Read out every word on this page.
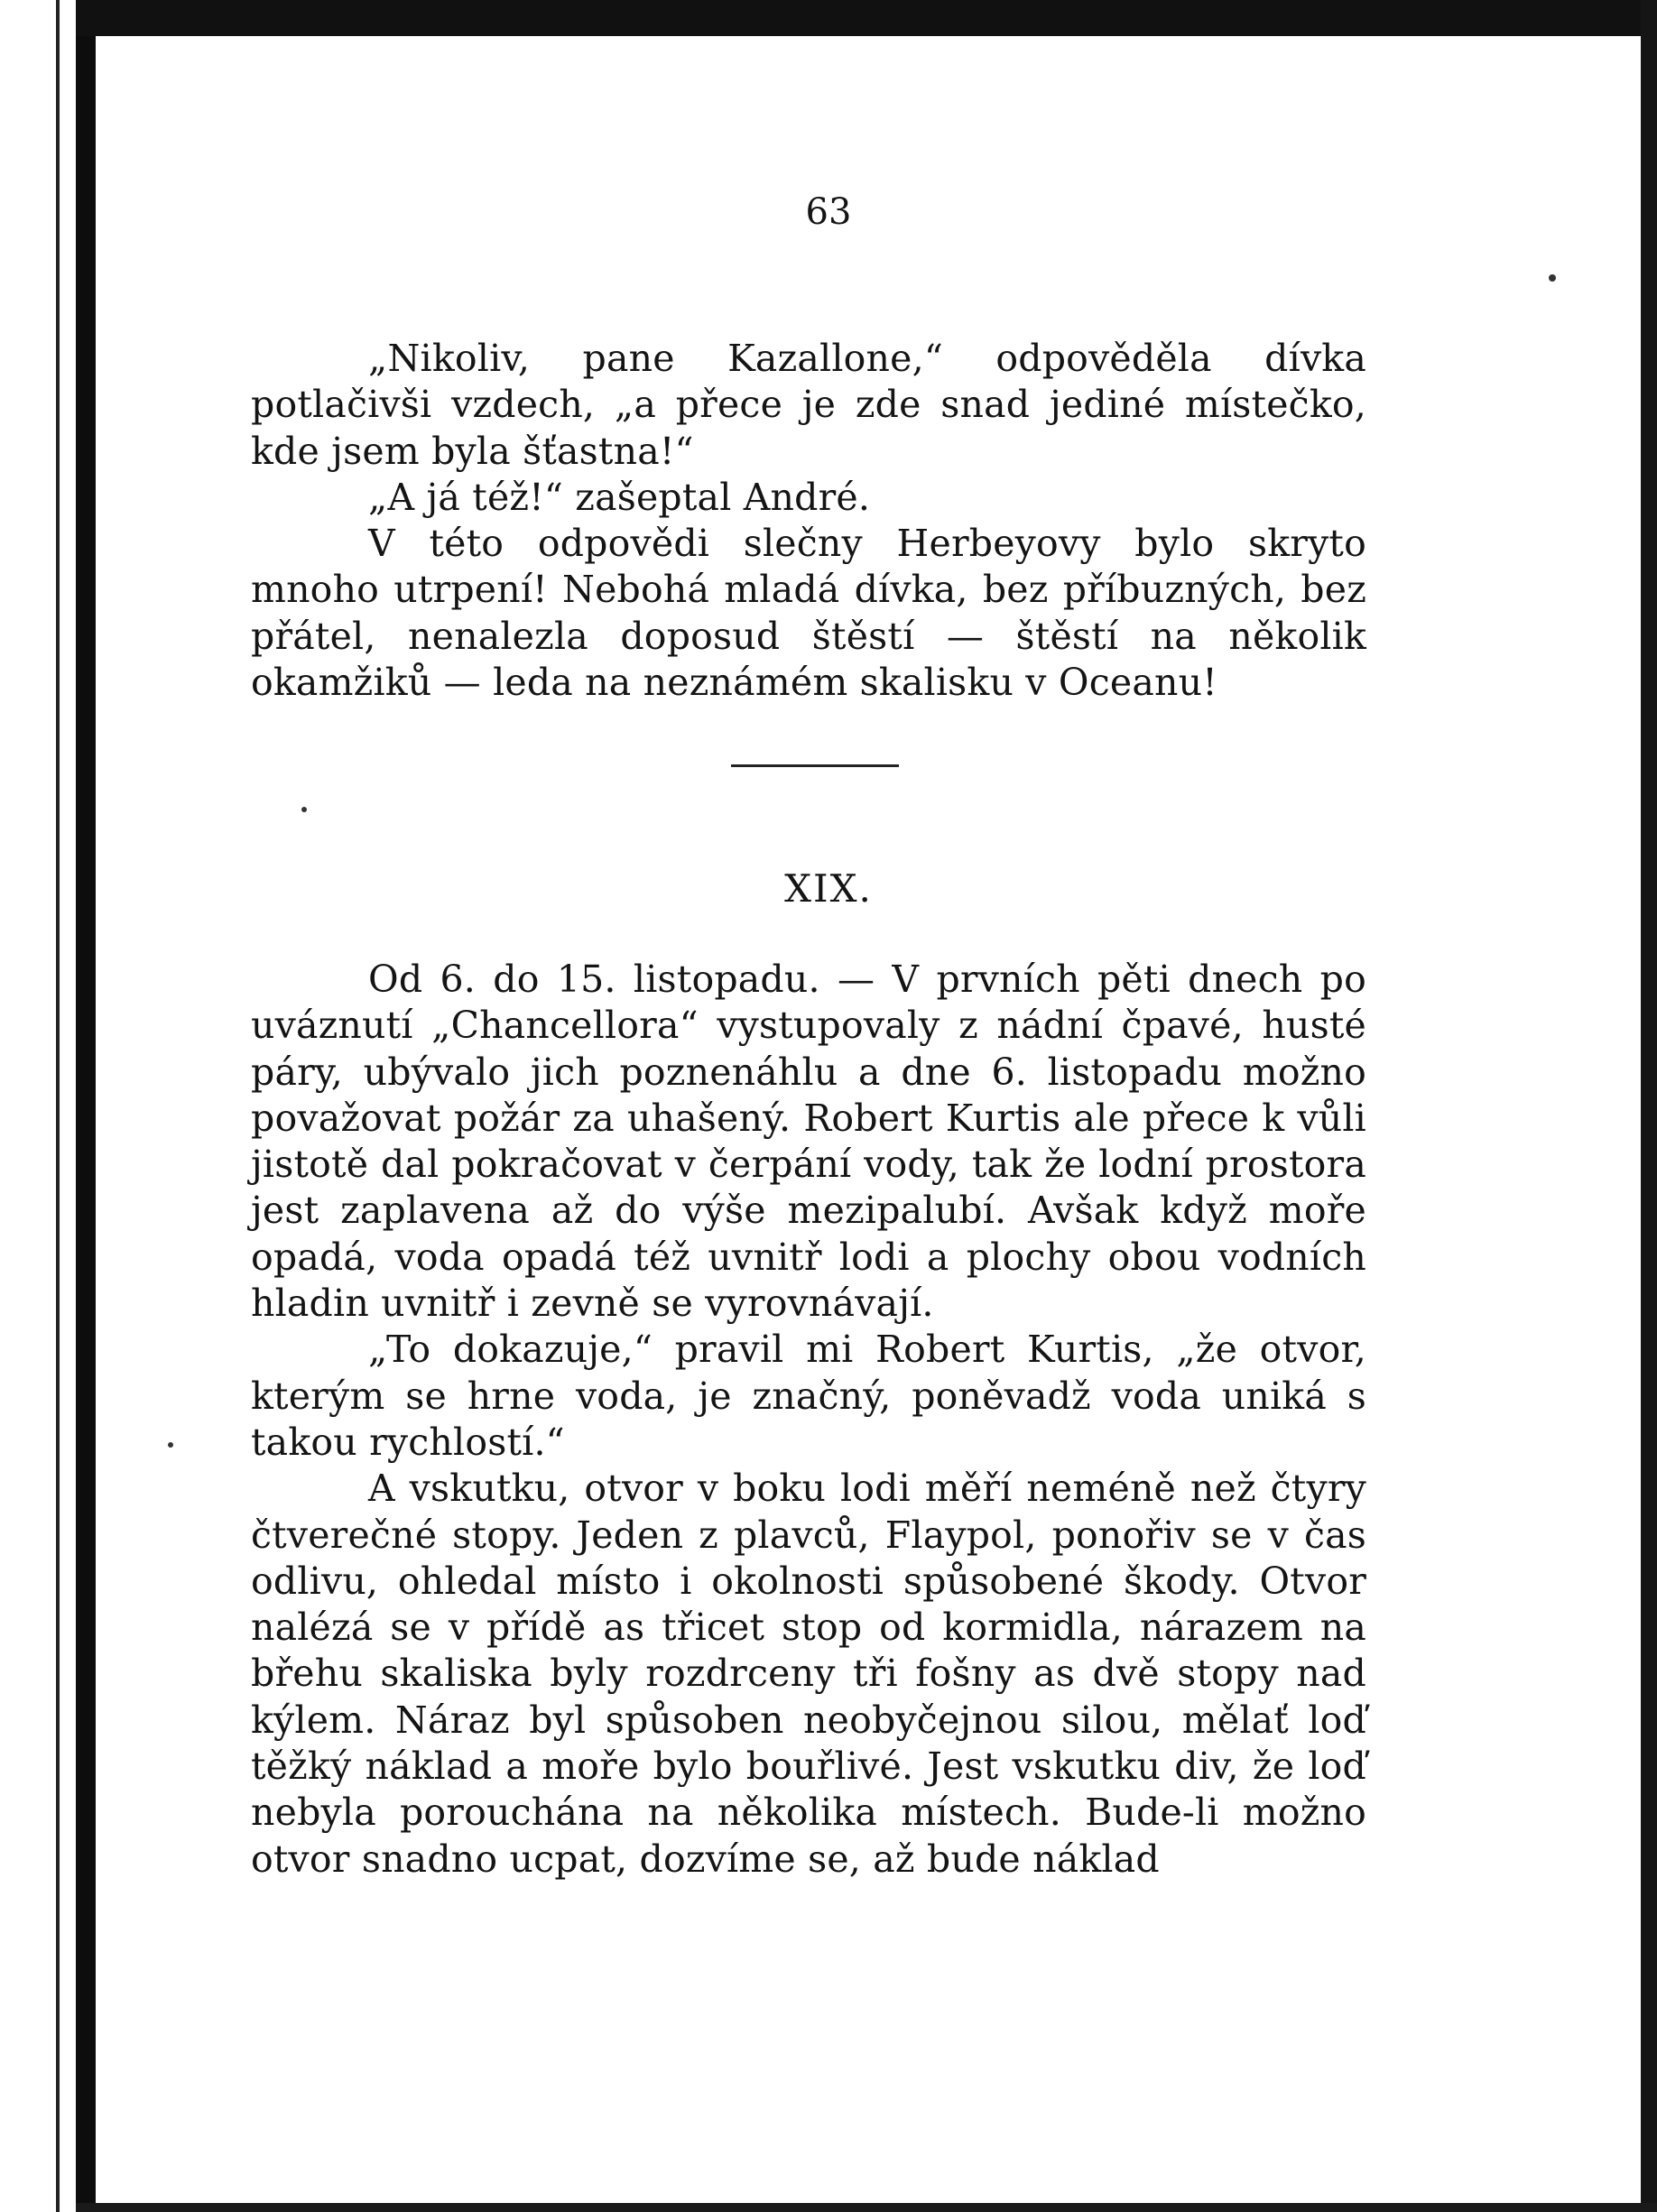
63

„Nikoliv, pane Kazallone,“ odpověděla dívka potlačivši vzdech, „a přece je zde snad jediné místečko, kde jsem byla šťastna!“

„A já též!“ zašeptal André.

V této odpovědi slečny Herbeyovy bylo skryto mnoho utrpení! Nebohá mladá dívka, bez příbuzných, bez přátel, nenalezla doposud štěstí — štěstí na několik okamžiků — leda na neznámém skalisku v Oceanu!

XIX.

Od 6. do 15. listopadu. — V prvních pěti dnech po uváznutí „Chancellora“ vystupovaly z nádní čpavé, husté páry, ubývalo jich poznenáhlu a dne 6. listopadu možno považovat požár za uhašený. Robert Kurtis ale přece k vůli jistotě dal pokračovat v čerpání vody, tak že lodní prostora jest zaplavena až do výše mezipalubí. Avšak když moře opadá, voda opadá též uvnitř lodi a plochy obou vodních hladin uvnitř i zevně se vyrovnávají.

„To dokazuje,“ pravil mi Robert Kurtis, „že otvor, kterým se hrne voda, je značný, poněvadž voda uniká s takou rychlostí.“

A vskutku, otvor v boku lodi měří neméně než čtyry čtverečné stopy. Jeden z plavců, Flaypol, ponořiv se v čas odlivu, ohledal místo i okolnosti spůsobené škody. Otvor nalézá se v přídě as třicet stop od kormidla, nárazem na břehu skaliska byly rozdrceny tři fošny as dvě stopy nad kýlem. Náraz byl spůsoben neobyčejnou silou, mělať loď těžký náklad a moře bylo bouřlivé. Jest vskutku div, že loď nebyla porouchána na několika místech. Bude-li možno otvor snadno ucpat, dozvíme se, až bude náklad
